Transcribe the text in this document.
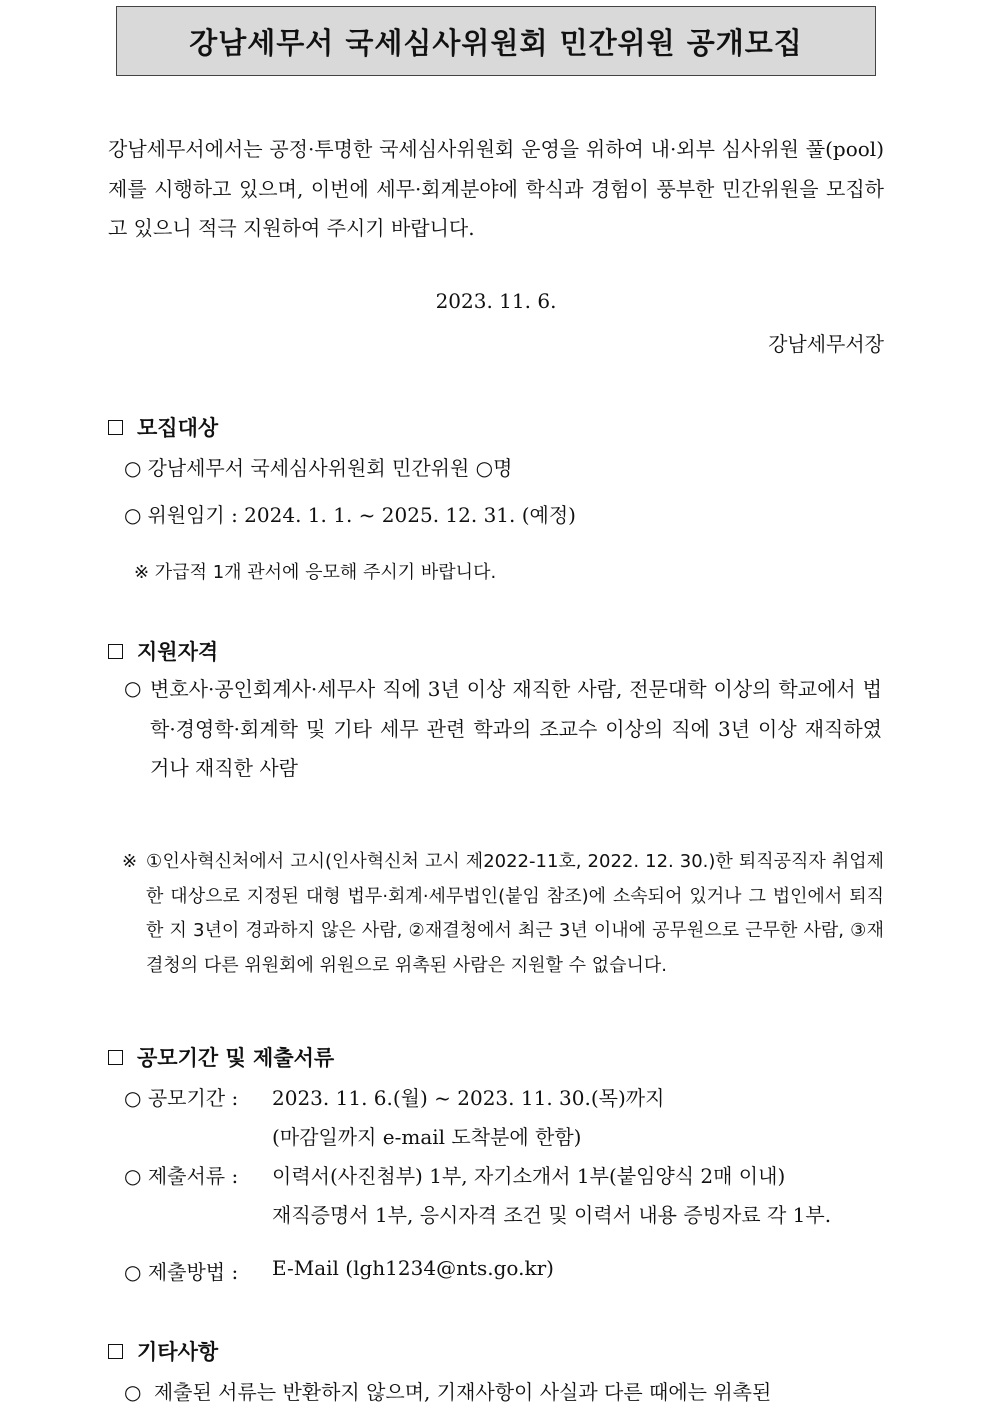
강남세무서 국세심사위원회 민간위원 공개모집
강남세무서에서는 공정·투명한 국세심사위원회 운영을 위하여 내·외부 심사위원 풀(pool)제를 시행하고 있으며, 이번에 세무·회계분야에 학식과 경험이 풍부한 민간위원을 모집하고 있으니 적극 지원하여 주시기 바랍니다.
2023. 11. 6.
강남세무서장
모집대상
○ 강남세무서 국세심사위원회 민간위원 ○명
○ 위원임기 : 2024. 1. 1. ~ 2025. 12. 31. (예정)
※ 가급적 1개 관서에 응모해 주시기 바랍니다.
지원자격
○ 변호사·공인회계사·세무사 직에 3년 이상 재직한 사람, 전문대학 이상의 학교에서 법학·경영학·회계학 및 기타 세무 관련 학과의 조교수 이상의 직에 3년 이상 재직하였거나 재직한 사람
※ ①인사혁신처에서 고시(인사혁신처 고시 제2022-11호, 2022. 12. 30.)한 퇴직공직자 취업제한 대상으로 지정된 대형 법무·회계·세무법인(붙임 참조)에 소속되어 있거나 그 법인에서 퇴직한 지 3년이 경과하지 않은 사람, ②재결청에서 최근 3년 이내에 공무원으로 근무한 사람, ③재결청의 다른 위원회에 위원으로 위촉된 사람은 지원할 수 없습니다.
공모기간 및 제출서류
○ 공모기간 : 2023. 11. 6.(월) ~ 2023. 11. 30.(목)까지
(마감일까지 e-mail 도착분에 한함)
○ 제출서류 : 이력서(사진첨부) 1부, 자기소개서 1부(붙임양식 2매 이내)
재직증명서 1부, 응시자격 조건 및 이력서 내용 증빙자료 각 1부.
○ 제출방법 : E-Mail (lgh1234@nts.go.kr)
기타사항
○ 제출된 서류는 반환하지 않으며, 기재사항이 사실과 다른 때에는 위촉된
